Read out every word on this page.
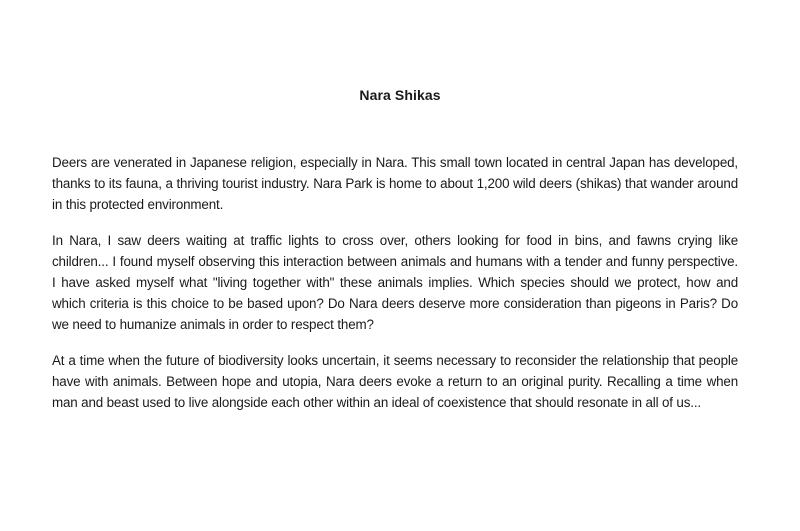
Nara Shikas

Deers are venerated in Japanese religion, especially in Nara. This small town located in central Japan has developed, thanks to its fauna, a thriving tourist industry. Nara Park is home to about 1,200 wild deers (shikas) that wander around in this protected environment.

In Nara, I saw deers waiting at traffic lights to cross over, others looking for food in bins, and fawns crying like children... I found myself observing this interaction between animals and humans with a tender and funny perspective. I have asked myself what "living together with" these animals implies. Which species should we protect, how and which criteria is this choice to be based upon? Do Nara deers deserve more consideration than pigeons in Paris? Do we need to humanize animals in order to respect them?

At a time when the future of biodiversity looks uncertain, it seems necessary to reconsider the relationship that people have with animals. Between hope and utopia, Nara deers evoke a return to an original purity. Recalling a time when man and beast used to live alongside each other within an ideal of coexistence that should resonate in all of us...
